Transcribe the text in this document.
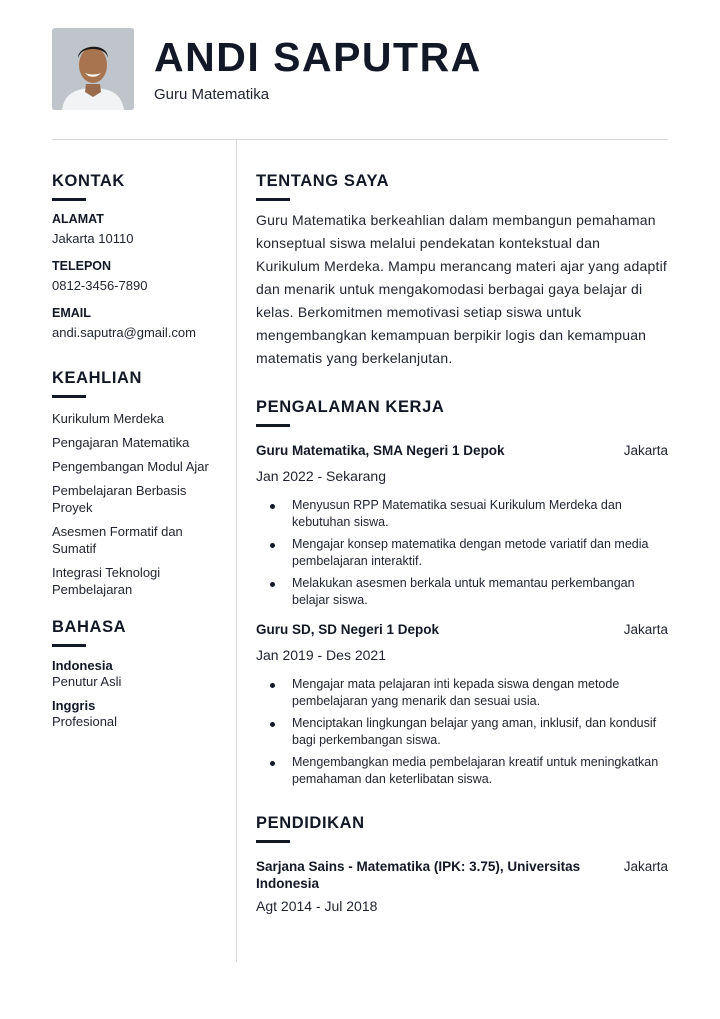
ANDI SAPUTRA
Guru Matematika
KONTAK
ALAMAT
Jakarta 10110
TELEPON
0812-3456-7890
EMAIL
andi.saputra@gmail.com
KEAHLIAN
Kurikulum Merdeka
Pengajaran Matematika
Pengembangan Modul Ajar
Pembelajaran Berbasis Proyek
Asesmen Formatif dan Sumatif
Integrasi Teknologi Pembelajaran
BAHASA
Indonesia
Penutur Asli
Inggris
Profesional
TENTANG SAYA
Guru Matematika berkeahlian dalam membangun pemahaman konseptual siswa melalui pendekatan kontekstual dan Kurikulum Merdeka. Mampu merancang materi ajar yang adaptif dan menarik untuk mengakomodasi berbagai gaya belajar di kelas. Berkomitmen memotivasi setiap siswa untuk mengembangkan kemampuan berpikir logis dan kemampuan matematis yang berkelanjutan.
PENGALAMAN KERJA
Guru Matematika, SMA Negeri 1 Depok	Jakarta
Jan 2022 - Sekarang
Menyusun RPP Matematika sesuai Kurikulum Merdeka dan kebutuhan siswa.
Mengajar konsep matematika dengan metode variatif dan media pembelajaran interaktif.
Melakukan asesmen berkala untuk memantau perkembangan belajar siswa.
Guru SD, SD Negeri 1 Depok	Jakarta
Jan 2019 - Des 2021
Mengajar mata pelajaran inti kepada siswa dengan metode pembelajaran yang menarik dan sesuai usia.
Menciptakan lingkungan belajar yang aman, inklusif, dan kondusif bagi perkembangan siswa.
Mengembangkan media pembelajaran kreatif untuk meningkatkan pemahaman dan keterlibatan siswa.
PENDIDIKAN
Sarjana Sains - Matematika (IPK: 3.75), Universitas Indonesia
Jakarta
Agt 2014 - Jul 2018
